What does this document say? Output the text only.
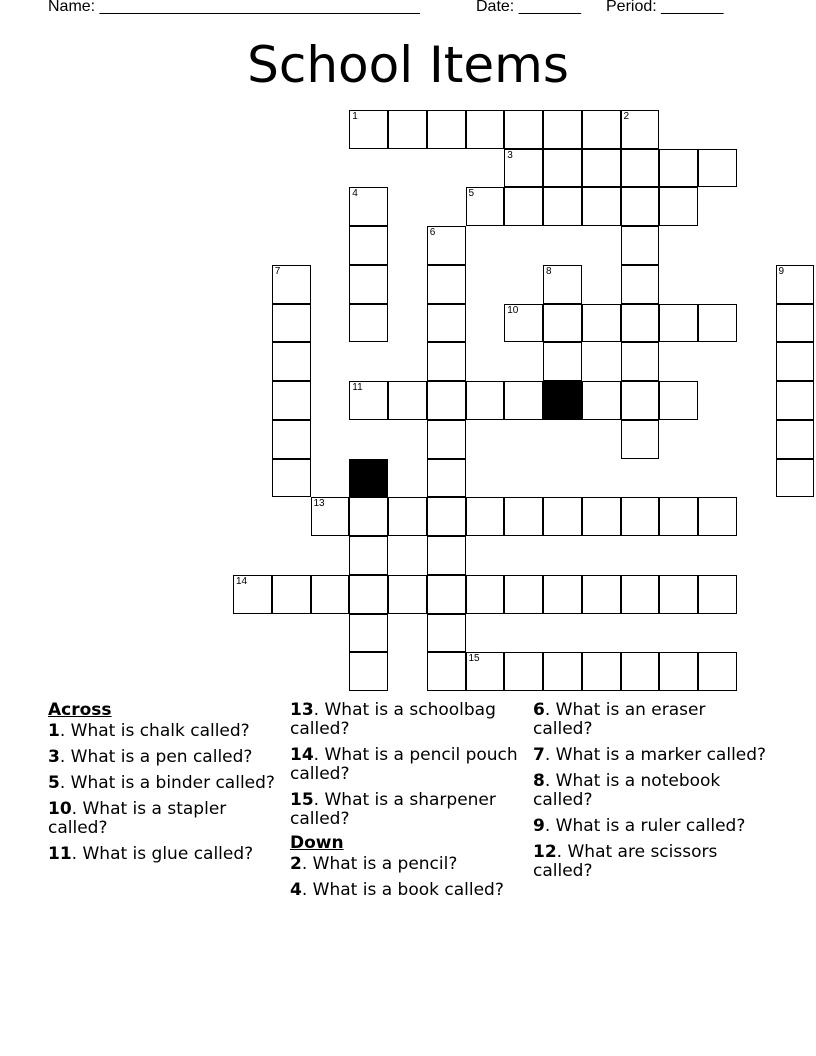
Name: ____________________________________

	Date: _______

Period: _______

School Items
1	2
3
4	5
6
7	8	9
10
11
13
14
15
Across
1. What is chalk called?
3. What is a pen called?
5. What is a binder called?
10. What is a stapler called?
11. What is glue called?
13. What is a schoolbag called?
14. What is a pencil pouch called?
15. What is a sharpener called?
Down
2. What is a pencil?
4. What is a book called?
6. What is an eraser called?
7. What is a marker called?
8. What is a notebook called?
9. What is a ruler called?
12. What are scissors called?
